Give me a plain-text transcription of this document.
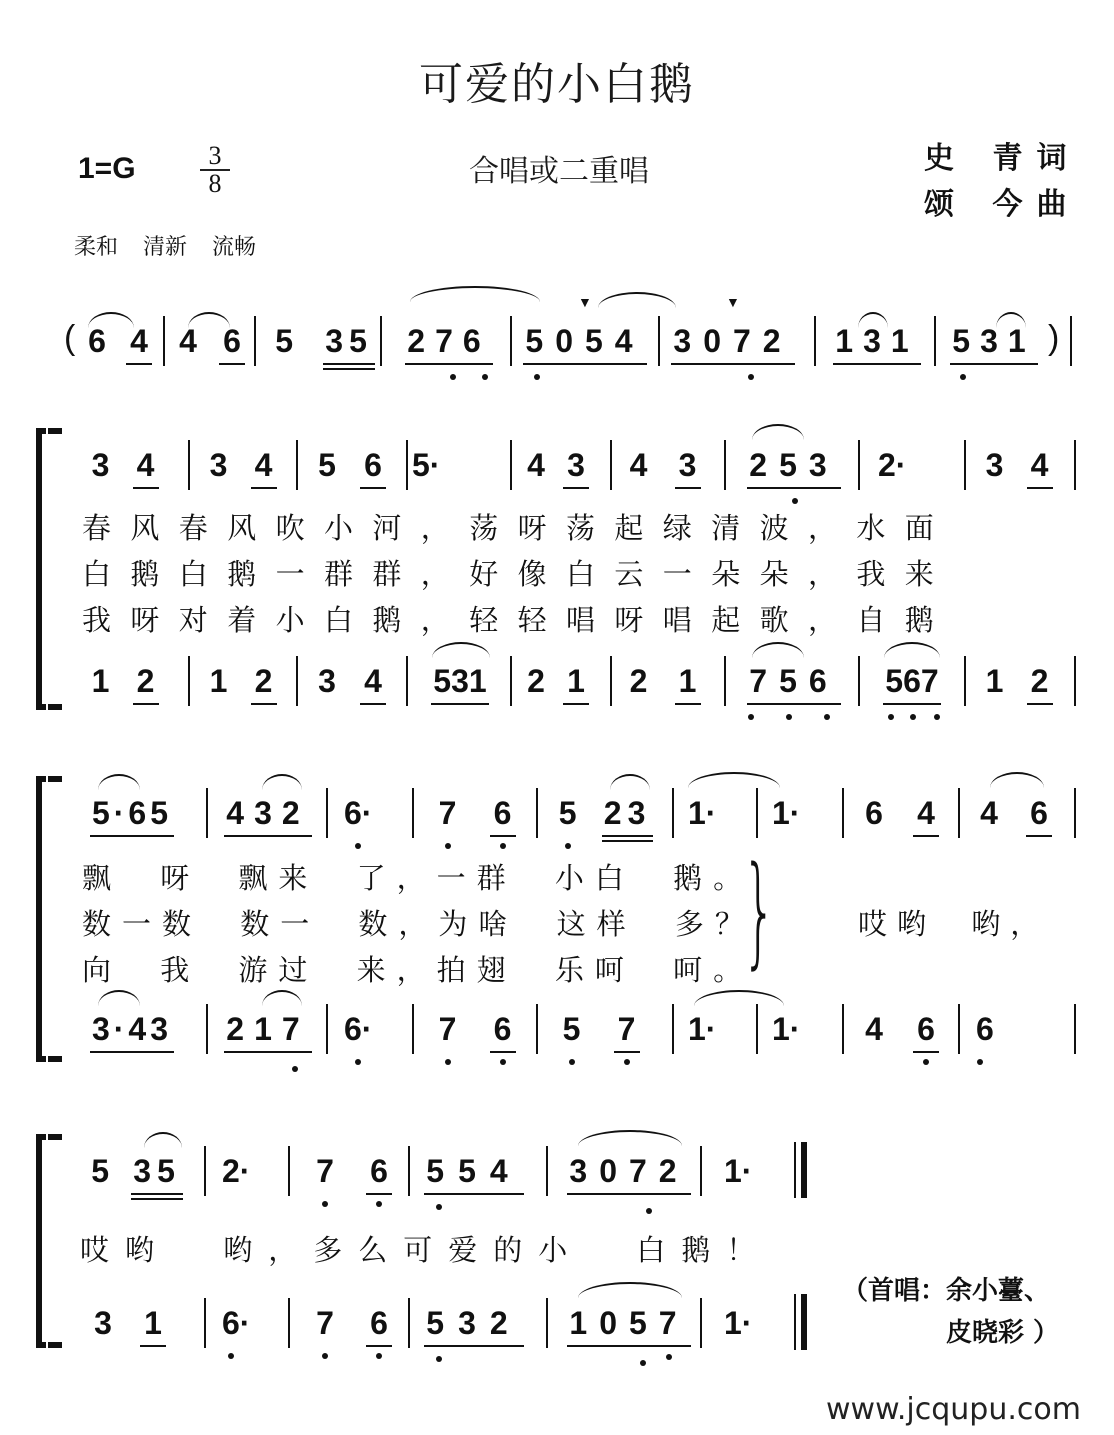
可爱的小白鹅
1=G	3
8	合唱或二重唱	史 青词
颂 今曲
柔和 清新 流畅
( 6 4 4 6 5 35 276 ▼ 5054 ▼ 3072 131 531 )
3 4 3 4 5 6 5·	4 3 4 3 253	2· 3 4
春风春风吹小河，荡呀荡起绿清波，水面
白鹅白鹅一群群，好像白云一朵朵，我来
我呀对着小白鹅，轻轻唱呀唱起歌，自鹅
1 2 1 2 3 4 531 2 1 2 1 756 567 1 2
5·65 432 6· 7 6 5 23 1·	1· 6 4 4 6
飘 呀 飘来 了，一群 小白 鹅。
数一数 数一 数，为啥 这样 多？
向 我 游过 来，拍翅 乐呵 呵。
}	哎哟 哟，
3·43 217 6· 7 6 5 7 1·	1· 4 6	6
5 35	2· 7 6 554 3072	1·
哎哟 哟，多么可爱的小 白鹅！
3 1	6· 7 6 532 1057	1·
（首唱：余小薹、
皮晓彩 ）
www.jcqupu.com
